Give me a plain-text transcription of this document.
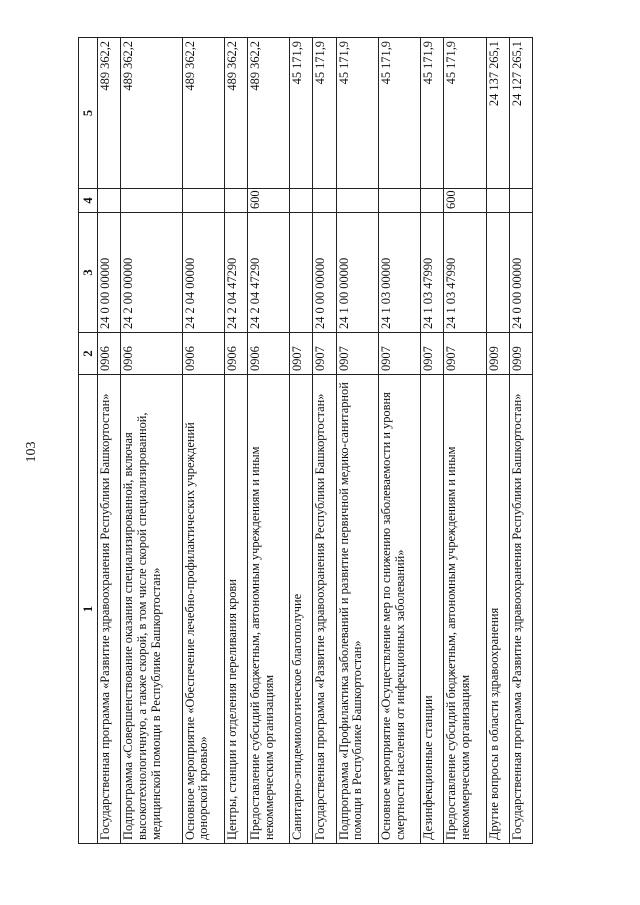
103
1	2	3	4	5
Государственная программа «Развитие здравоохранения Республики Башкортостан»	0906	24 0 00 00000		489 362,2
Подпрограмма «Совершенствование оказания специализированной, включая высокотехнологичную, а также скорой, в том числе скорой специализированной, медицинской помощи в Республике Башкортостан»	0906	24 2 00 00000		489 362,2
Основное мероприятие «Обеспечение лечебно-профилактических учреждений донорской кровью»	0906	24 2 04 00000		489 362,2
Центры, станции и отделения переливания крови	0906	24 2 04 47290		489 362,2
Предоставление субсидий бюджетным, автономным учреждениям и иным некоммерческим организациям	0906	24 2 04 47290	600	489 362,2
Санитарно-эпидемиологическое благополучие	0907			45 171,9
Государственная программа «Развитие здравоохранения Республики Башкортостан»	0907	24 0 00 00000		45 171,9
Подпрограмма «Профилактика заболеваний и развитие первичной медико-санитарной помощи в Республике Башкортостан»	0907	24 1 00 00000		45 171,9
Основное мероприятие «Осуществление мер по снижению заболеваемости и уровня смертности населения от инфекционных заболеваний»	0907	24 1 03 00000		45 171,9
Дезинфекционные станции	0907	24 1 03 47990		45 171,9
Предоставление субсидий бюджетным, автономным учреждениям и иным некоммерческим организациям	0907	24 1 03 47990	600	45 171,9
Другие вопросы в области здравоохранения	0909			24 137 265,1
Государственная программа «Развитие здравоохранения Республики Башкортостан»	0909	24 0 00 00000		24 127 265,1
